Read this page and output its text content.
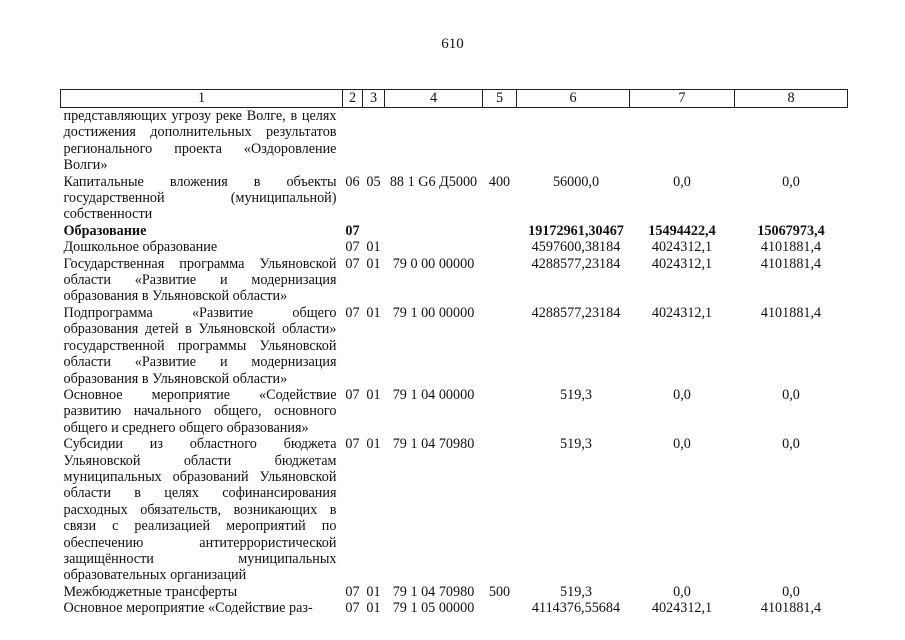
610
1	2	3	4	5	6	7	8
представляющих угрозу реке Волге, в целях достижения дополнительных результатов регионального проекта «Оздоровление Волги»							
Капитальные вложения в объекты государственной (муниципальной) собственности	06	05	88 1 G6 Д5000	400	56000,0	0,0	0,0
Образование	07				19172961,30467	15494422,4	15067973,4
Дошкольное образование	07	01			4597600,38184	4024312,1	4101881,4
Государственная программа Ульяновской области «Развитие и модернизация образования в Ульяновской области»	07	01	79 0 00 00000		4288577,23184	4024312,1	4101881,4
Подпрограмма «Развитие общего образования детей в Ульяновской области» государственной программы Ульяновской области «Развитие и модернизация образования в Ульяновской области»	07	01	79 1 00 00000		4288577,23184	4024312,1	4101881,4
Основное мероприятие «Содействие развитию начального общего, основного общего и среднего общего образования»	07	01	79 1 04 00000		519,3	0,0	0,0
Субсидии из областного бюджета Ульяновской области бюджетам муниципальных образований Ульяновской области в целях софинансирования расходных обязательств, возникающих в связи с реализацией мероприятий по обеспечению антитеррористической защищённости муниципальных образовательных организаций	07	01	79 1 04 70980		519,3	0,0	0,0
Межбюджетные трансферты	07	01	79 1 04 70980	500	519,3	0,0	0,0
Основное мероприятие «Содействие раз-	07	01	79 1 05 00000		4114376,55684	4024312,1	4101881,4
